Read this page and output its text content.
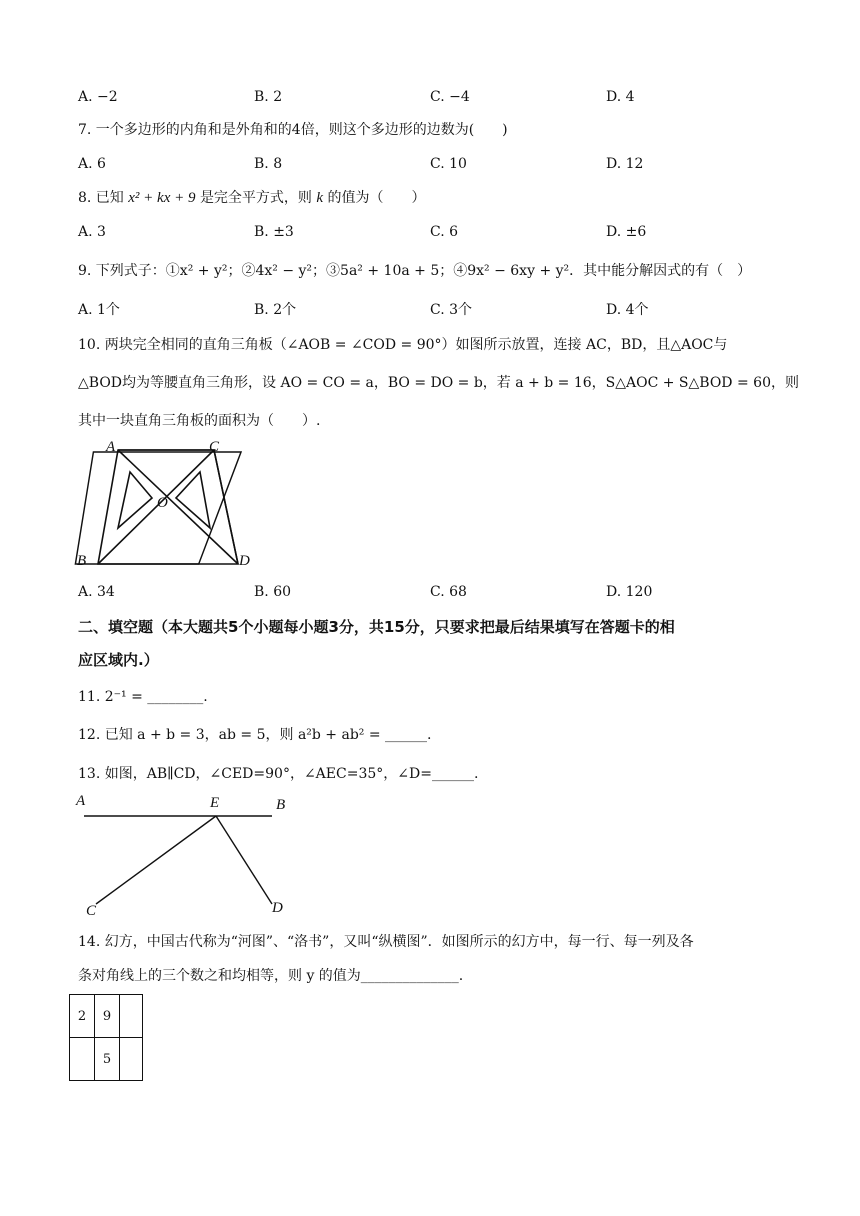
A. −2	B. 2	C. −4	D. 4
7. 一个多边形的内角和是外角和的4倍，则这个多边形的边数为(　　)
A. 6	B. 8	C. 10	D. 12
8. 已知 x² + kx + 9 是完全平方式，则 k 的值为（　　）
A. 3	B. ±3	C. 6	D. ±6
9. 下列式子：①x² + y²；②4x² − y²；③5a² + 10a + 5；④9x² − 6xy + y²．其中能分解因式的有（　）
A. 1个	B. 2个	C. 3个	D. 4个
10. 两块完全相同的直角三角板（∠AOB = ∠COD = 90°）如图所示放置，连接 AC，BD，且△AOC与
△BOD均为等腰直角三角形，设 AO = CO = a，BO = DO = b，若 a + b = 16，S△AOC + S△BOD = 60，则
其中一块直角三角板的面积为（　　）.
A	C
O
B	D
A. 34	B. 60	C. 68	D. 120
二、填空题（本大题共5个小题每小题3分，共15分，只要求把最后结果填写在答题卡的相
应区域内.）
11. 2⁻¹ = ________.
12. 已知 a + b = 3，ab = 5，则 a²b + ab² = ______.
13. 如图，AB∥CD，∠CED=90°，∠AEC=35°，∠D=______.
A	E	B
C	D
14. 幻方，中国古代称为“河图”、“洛书”，又叫“纵横图”．如图所示的幻方中，每一行、每一列及各
条对角线上的三个数之和均相等，则 y 的值为______________.
2	9	
	5	
